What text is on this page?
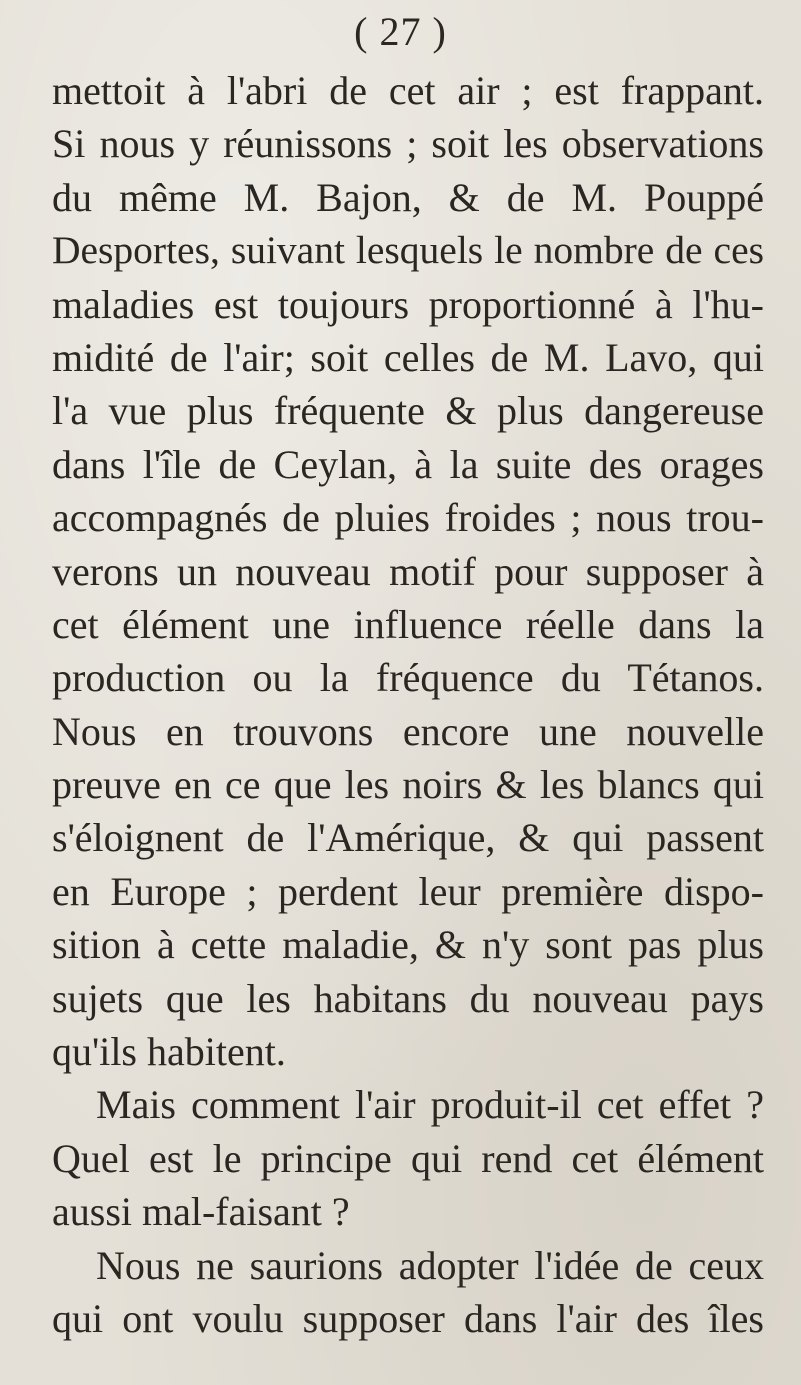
( 27 )
mettoit à l'abri de cet air ; est frappant.
Si nous y réunissons ; soit les observations
du même M. Bajon, & de M. Pouppé
Desportes, suivant lesquels le nombre de ces
maladies est toujours proportionné à l'hu-
midité de l'air; soit celles de M. Lavo, qui
l'a vue plus fréquente & plus dangereuse
dans l'île de Ceylan, à la suite des orages
accompagnés de pluies froides ; nous trou-
verons un nouveau motif pour supposer à
cet élément une influence réelle dans la
production ou la fréquence du Tétanos.
Nous en trouvons encore une nouvelle
preuve en ce que les noirs & les blancs qui
s'éloignent de l'Amérique, & qui passent
en Europe ; perdent leur première dispo-
sition à cette maladie, & n'y sont pas plus
sujets que les habitans du nouveau pays
qu'ils habitent.
Mais comment l'air produit-il cet effet ?
Quel est le principe qui rend cet élément
aussi mal-faisant ?
Nous ne saurions adopter l'idée de ceux
qui ont voulu supposer dans l'air des îles
